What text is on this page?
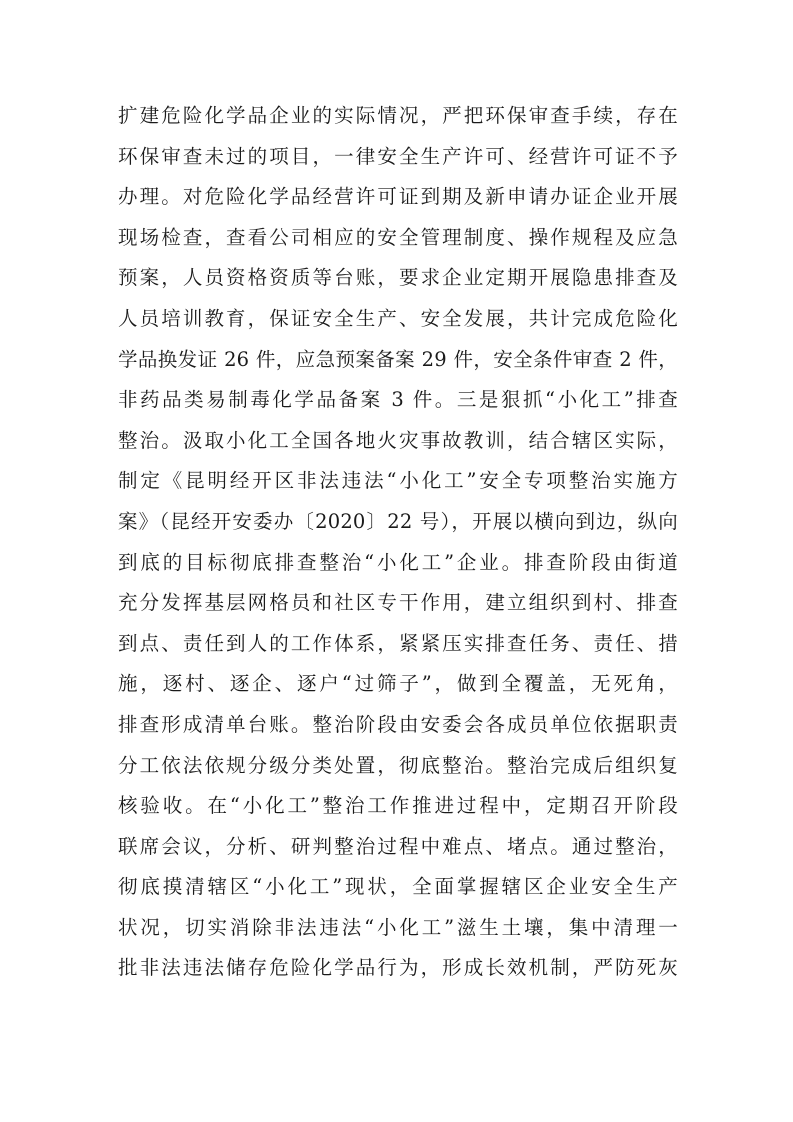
扩建危险化学品企业的实际情况，严把环保审查手续，存在
环保审查未过的项目，一律安全生产许可、经营许可证不予
办理。对危险化学品经营许可证到期及新申请办证企业开展
现场检查，查看公司相应的安全管理制度、操作规程及应急
预案，人员资格资质等台账，要求企业定期开展隐患排查及
人员培训教育，保证安全生产、安全发展，共计完成危险化
学品换发证 26 件，应急预案备案 29 件，安全条件审查 2 件，
非药品类易制毒化学品备案 3 件。三是狠抓“小化工”排查
整治。汲取小化工全国各地火灾事故教训，结合辖区实际，
制定《昆明经开区非法违法“小化工”安全专项整治实施方
案》（昆经开安委办〔2020〕22 号），开展以横向到边，纵向
到底的目标彻底排查整治“小化工”企业。排查阶段由街道
充分发挥基层网格员和社区专干作用，建立组织到村、排查
到点、责任到人的工作体系，紧紧压实排查任务、责任、措
施，逐村、逐企、逐户“过筛子”，做到全覆盖，无死角，
排查形成清单台账。整治阶段由安委会各成员单位依据职责
分工依法依规分级分类处置，彻底整治。整治完成后组织复
核验收。在“小化工”整治工作推进过程中，定期召开阶段
联席会议，分析、研判整治过程中难点、堵点。通过整治，
彻底摸清辖区“小化工”现状，全面掌握辖区企业安全生产
状况，切实消除非法违法“小化工”滋生土壤，集中清理一
批非法违法储存危险化学品行为，形成长效机制，严防死灰
